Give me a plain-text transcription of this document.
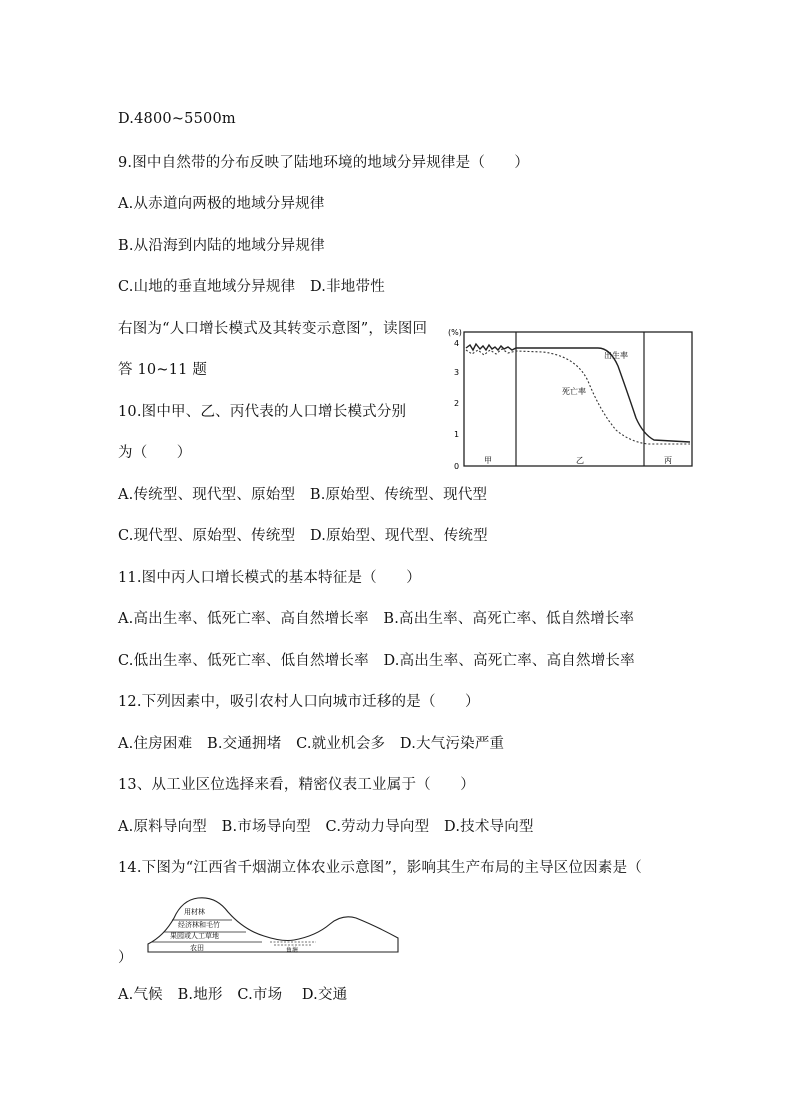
D.4800~5500m
9.图中自然带的分布反映了陆地环境的地域分异规律是（　　）
A.从赤道向两极的地域分异规律
B.从沿海到内陆的地域分异规律
C.山地的垂直地域分异规律　D.非地带性
右图为“人口增长模式及其转变示意图”，读图回
答 10~11 题
10.图中甲、乙、丙代表的人口增长模式分别
为（　　）
A.传统型、现代型、原始型　B.原始型、传统型、现代型
C.现代型、原始型、传统型　D.原始型、现代型、传统型
11.图中丙人口增长模式的基本特征是（　　）
A.高出生率、低死亡率、高自然增长率　B.高出生率、高死亡率、低自然增长率
C.低出生率、低死亡率、低自然增长率　D.高出生率、高死亡率、高自然增长率
12.下列因素中，吸引农村人口向城市迁移的是（　　）
A.住房困难　B.交通拥堵　C.就业机会多　D.大气污染严重
13、从工业区位选择来看，精密仪表工业属于（　　）
A.原料导向型　B.市场导向型　C.劳动力导向型　D.技术导向型
14.下图为“江西省千烟湖立体农业示意图”，影响其生产布局的主导区位因素是（
）
A.气候　B.地形　C.市场　 D.交通
(%)
0
1
2
3
4
出生率
死亡率
甲	乙	丙
用材林
经济林和毛竹
果园或人工草地
农田	鱼塘
